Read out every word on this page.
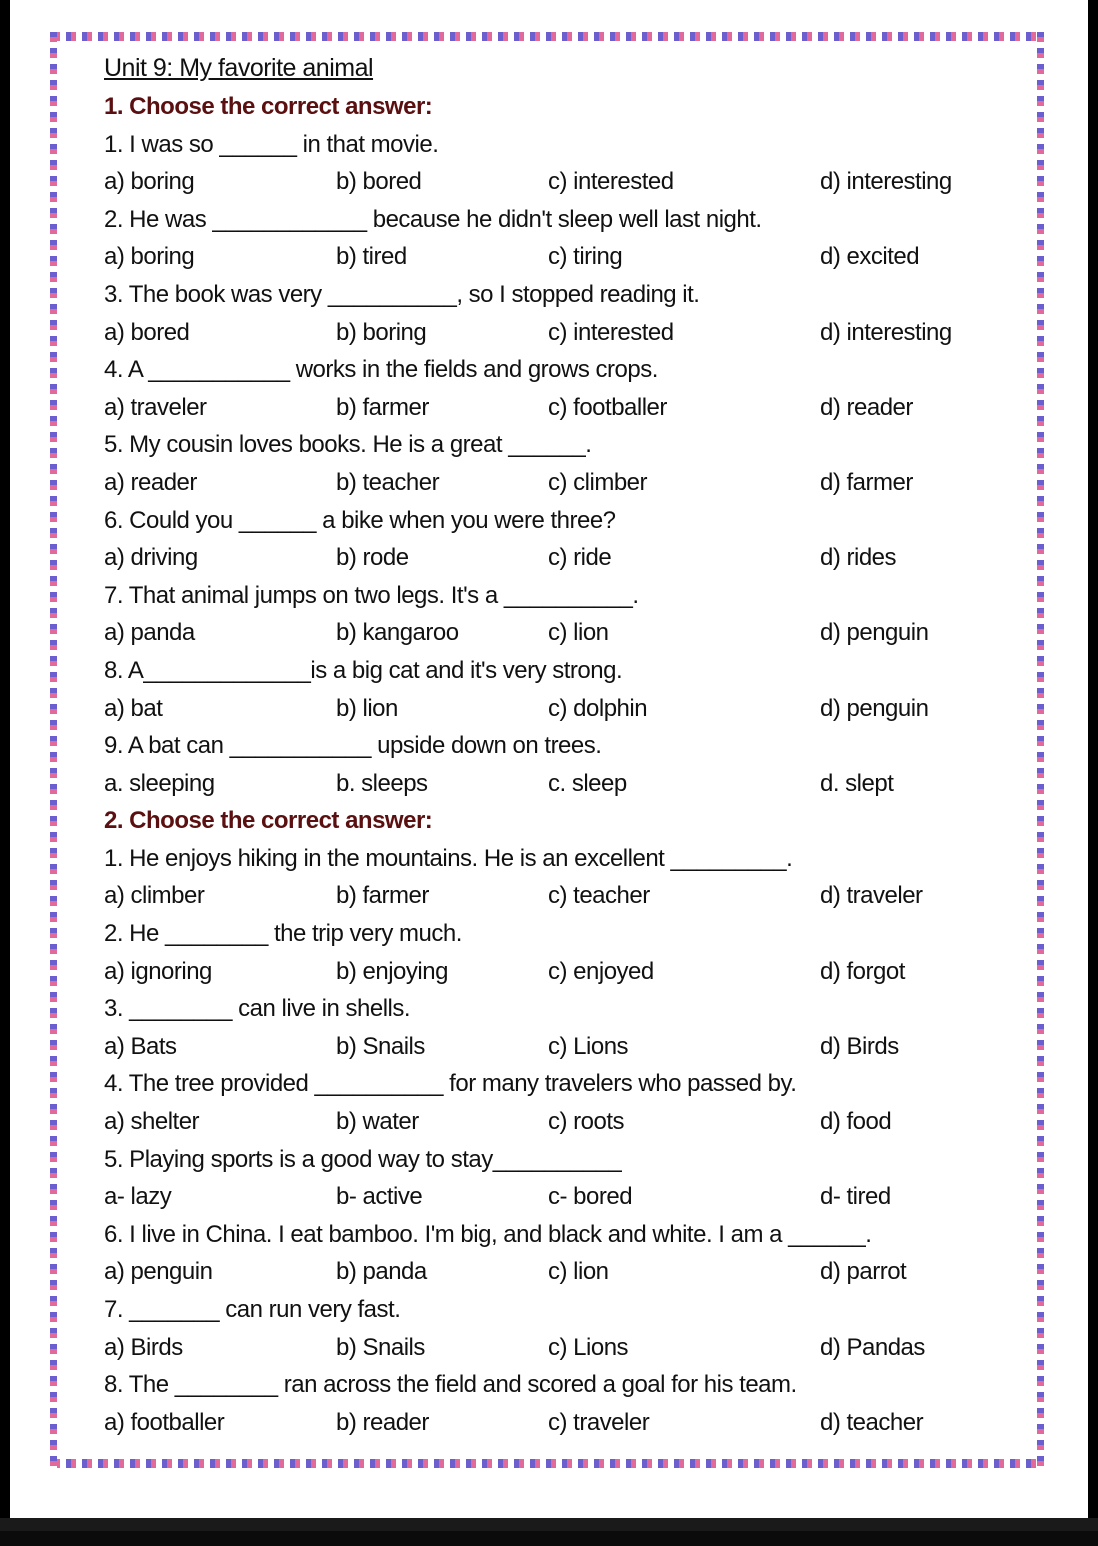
Unit 9: My favorite animal
1. Choose the correct answer:
1. I was so ______ in that movie.
a) boring	b) bored	c) interested	d) interesting
2. He was ____________ because he didn't sleep well last night.
a) boring	b) tired	c) tiring	d) excited
3. The book was very __________, so I stopped reading it.
a) bored	b) boring	c) interested	d) interesting
4. A ___________ works in the fields and grows crops.
a) traveler	b) farmer	c) footballer	d) reader
5. My cousin loves books. He is a great ______.
a) reader	b) teacher	c) climber	d) farmer
6. Could you ______ a bike when you were three?
a) driving	b) rode	c) ride	d) rides
7. That animal jumps on two legs. It's a __________.
a) panda	b) kangaroo	c) lion	d) penguin
8. A_____________is a big cat and it's very strong.
a) bat	b) lion	c) dolphin	d) penguin
9. A bat can ___________ upside down on trees.
a. sleeping	b. sleeps	c. sleep	d. slept
2. Choose the correct answer:
1. He enjoys hiking in the mountains. He is an excellent _________.
a) climber	b) farmer	c) teacher	d) traveler
2. He ________ the trip very much.
a) ignoring	b) enjoying	c) enjoyed	d) forgot
3. ________ can live in shells.
a) Bats	b) Snails	c) Lions	d) Birds
4. The tree provided __________ for many travelers who passed by.
a) shelter	b) water	c) roots	d) food
5. Playing sports is a good way to stay__________
a- lazy	b- active	c- bored	d- tired
6. I live in China. I eat bamboo. I'm big, and black and white. I am a ______.
a) penguin	b) panda	c) lion	d) parrot
7. _______ can run very fast.
a) Birds	b) Snails	c) Lions	d) Pandas
8. The ________ ran across the field and scored a goal for his team.
a) footballer	b) reader	c) traveler	d) teacher
